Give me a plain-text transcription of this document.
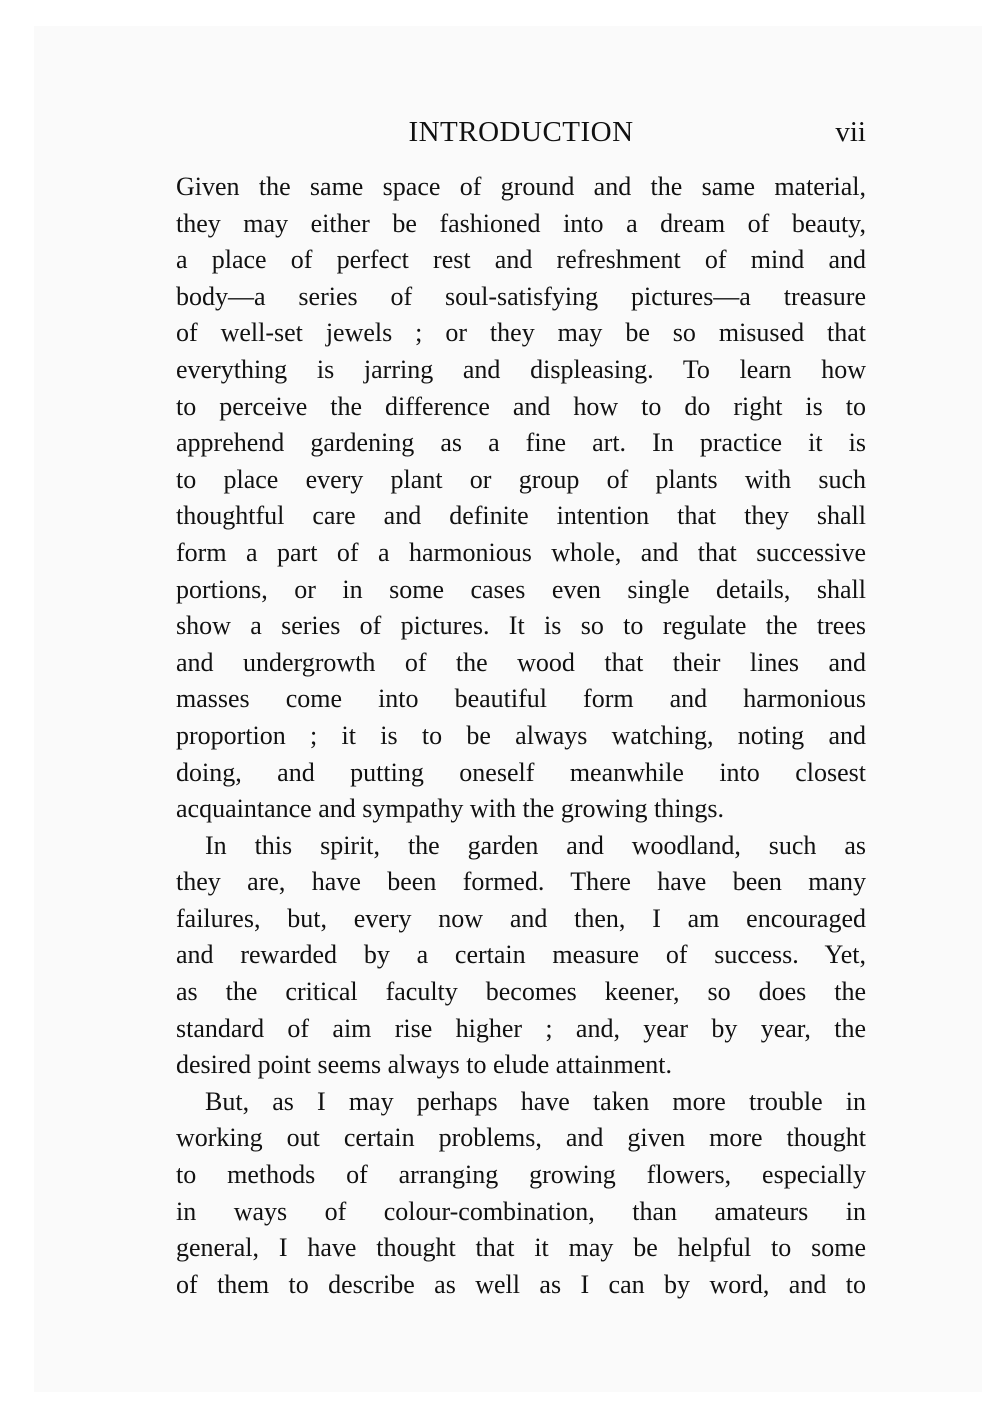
INTRODUCTION	vii
Given the same space of ground and the same material,
they may either be fashioned into a dream of beauty,
a place of perfect rest and refreshment of mind and
body—a series of soul-satisfying pictures—a treasure
of well-set jewels ; or they may be so misused that
everything is jarring and displeasing. To learn how
to perceive the difference and how to do right is to
apprehend gardening as a fine art. In practice it is
to place every plant or group of plants with such
thoughtful care and definite intention that they shall
form a part of a harmonious whole, and that successive
portions, or in some cases even single details, shall
show a series of pictures. It is so to regulate the trees
and undergrowth of the wood that their lines and
masses come into beautiful form and harmonious
proportion ; it is to be always watching, noting and
doing, and putting oneself meanwhile into closest
acquaintance and sympathy with the growing things.
In this spirit, the garden and woodland, such as
they are, have been formed. There have been many
failures, but, every now and then, I am encouraged
and rewarded by a certain measure of success. Yet,
as the critical faculty becomes keener, so does the
standard of aim rise higher ; and, year by year, the
desired point seems always to elude attainment.
But, as I may perhaps have taken more trouble in
working out certain problems, and given more thought
to methods of arranging growing flowers, especially
in ways of colour-combination, than amateurs in
general, I have thought that it may be helpful to some
of them to describe as well as I can by word, and to
